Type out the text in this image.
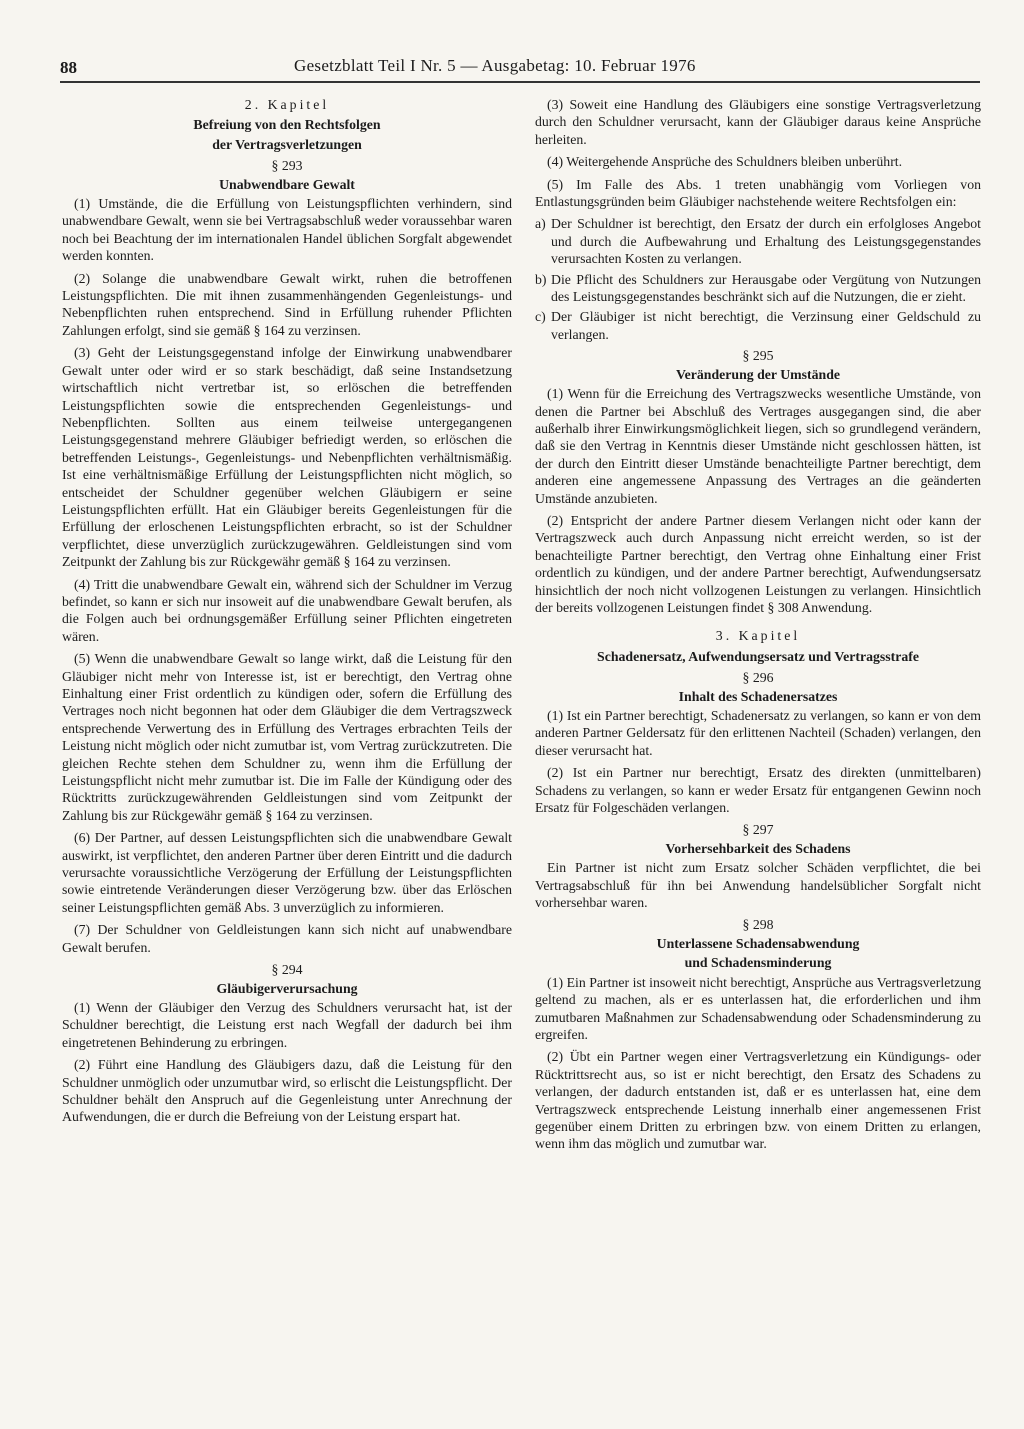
88	Gesetzblatt Teil I Nr. 5 — Ausgabetag: 10. Februar 1976

2. Kapitel

Befreiung von den Rechtsfolgen

der Vertragsverletzungen

§ 293

Unabwendbare Gewalt

(1) Umstände, die die Erfüllung von Leistungspflichten verhindern, sind unabwendbare Gewalt, wenn sie bei Vertragsabschluß weder voraussehbar waren noch bei Beachtung der im internationalen Handel üblichen Sorgfalt abgewendet werden konnten.

(2) Solange die unabwendbare Gewalt wirkt, ruhen die betroffenen Leistungspflichten. Die mit ihnen zusammenhängenden Gegenleistungs- und Nebenpflichten ruhen entsprechend. Sind in Erfüllung ruhender Pflichten Zahlungen erfolgt, sind sie gemäß § 164 zu verzinsen.

(3) Geht der Leistungsgegenstand infolge der Einwirkung unabwendbarer Gewalt unter oder wird er so stark beschädigt, daß seine Instandsetzung wirtschaftlich nicht vertretbar ist, so erlöschen die betreffenden Leistungspflichten sowie die entsprechenden Gegenleistungs- und Nebenpflichten. Sollten aus einem teilweise untergegangenen Leistungsgegenstand mehrere Gläubiger befriedigt werden, so erlöschen die betreffenden Leistungs-, Gegenleistungs- und Nebenpflichten verhältnismäßig. Ist eine verhältnismäßige Erfüllung der Leistungspflichten nicht möglich, so entscheidet der Schuldner gegenüber welchen Gläubigern er seine Leistungspflichten erfüllt. Hat ein Gläubiger bereits Gegenleistungen für die Erfüllung der erloschenen Leistungspflichten erbracht, so ist der Schuldner verpflichtet, diese unverzüglich zurückzugewähren. Geldleistungen sind vom Zeitpunkt der Zahlung bis zur Rückgewähr gemäß § 164 zu verzinsen.

(4) Tritt die unabwendbare Gewalt ein, während sich der Schuldner im Verzug befindet, so kann er sich nur insoweit auf die unabwendbare Gewalt berufen, als die Folgen auch bei ordnungsgemäßer Erfüllung seiner Pflichten eingetreten wären.

(5) Wenn die unabwendbare Gewalt so lange wirkt, daß die Leistung für den Gläubiger nicht mehr von Interesse ist, ist er berechtigt, den Vertrag ohne Einhaltung einer Frist ordentlich zu kündigen oder, sofern die Erfüllung des Vertrages noch nicht begonnen hat oder dem Gläubiger die dem Vertragszweck entsprechende Verwertung des in Erfüllung des Vertrages erbrachten Teils der Leistung nicht möglich oder nicht zumutbar ist, vom Vertrag zurückzutreten. Die gleichen Rechte stehen dem Schuldner zu, wenn ihm die Erfüllung der Leistungspflicht nicht mehr zumutbar ist. Die im Falle der Kündigung oder des Rücktritts zurückzugewährenden Geldleistungen sind vom Zeitpunkt der Zahlung bis zur Rückgewähr gemäß § 164 zu verzinsen.

(6) Der Partner, auf dessen Leistungspflichten sich die unabwendbare Gewalt auswirkt, ist verpflichtet, den anderen Partner über deren Eintritt und die dadurch verursachte voraussichtliche Verzögerung der Erfüllung der Leistungspflichten sowie eintretende Veränderungen dieser Verzögerung bzw. über das Erlöschen seiner Leistungspflichten gemäß Abs. 3 unverzüglich zu informieren.

(7) Der Schuldner von Geldleistungen kann sich nicht auf unabwendbare Gewalt berufen.

§ 294

Gläubigerverursachung

(1) Wenn der Gläubiger den Verzug des Schuldners verursacht hat, ist der Schuldner berechtigt, die Leistung erst nach Wegfall der dadurch bei ihm eingetretenen Behinderung zu erbringen.

(2) Führt eine Handlung des Gläubigers dazu, daß die Leistung für den Schuldner unmöglich oder unzumutbar wird, so erlischt die Leistungspflicht. Der Schuldner behält den Anspruch auf die Gegenleistung unter Anrechnung der Aufwendungen, die er durch die Befreiung von der Leistung erspart hat.

(3) Soweit eine Handlung des Gläubigers eine sonstige Vertragsverletzung durch den Schuldner verursacht, kann der Gläubiger daraus keine Ansprüche herleiten.

(4) Weitergehende Ansprüche des Schuldners bleiben unberührt.

(5) Im Falle des Abs. 1 treten unabhängig vom Vorliegen von Entlastungsgründen beim Gläubiger nachstehende weitere Rechtsfolgen ein:

a) Der Schuldner ist berechtigt, den Ersatz der durch ein erfolgloses Angebot und durch die Aufbewahrung und Erhaltung des Leistungsgegenstandes verursachten Kosten zu verlangen.
b) Die Pflicht des Schuldners zur Herausgabe oder Vergütung von Nutzungen des Leistungsgegenstandes beschränkt sich auf die Nutzungen, die er zieht.
c) Der Gläubiger ist nicht berechtigt, die Verzinsung einer Geldschuld zu verlangen.

§ 295

Veränderung der Umstände

(1) Wenn für die Erreichung des Vertragszwecks wesentliche Umstände, von denen die Partner bei Abschluß des Vertrages ausgegangen sind, die aber außerhalb ihrer Einwirkungsmöglichkeit liegen, sich so grundlegend verändern, daß sie den Vertrag in Kenntnis dieser Umstände nicht geschlossen hätten, ist der durch den Eintritt dieser Umstände benachteiligte Partner berechtigt, dem anderen eine angemessene Anpassung des Vertrages an die geänderten Umstände anzubieten.

(2) Entspricht der andere Partner diesem Verlangen nicht oder kann der Vertragszweck auch durch Anpassung nicht erreicht werden, so ist der benachteiligte Partner berechtigt, den Vertrag ohne Einhaltung einer Frist ordentlich zu kündigen, und der andere Partner berechtigt, Aufwendungsersatz hinsichtlich der noch nicht vollzogenen Leistungen zu verlangen. Hinsichtlich der bereits vollzogenen Leistungen findet § 308 Anwendung.

3. Kapitel

Schadenersatz, Aufwendungsersatz und Vertragsstrafe

§ 296

Inhalt des Schadenersatzes

(1) Ist ein Partner berechtigt, Schadenersatz zu verlangen, so kann er von dem anderen Partner Geldersatz für den erlittenen Nachteil (Schaden) verlangen, den dieser verursacht hat.

(2) Ist ein Partner nur berechtigt, Ersatz des direkten (unmittelbaren) Schadens zu verlangen, so kann er weder Ersatz für entgangenen Gewinn noch Ersatz für Folgeschäden verlangen.

§ 297

Vorhersehbarkeit des Schadens

Ein Partner ist nicht zum Ersatz solcher Schäden verpflichtet, die bei Vertragsabschluß für ihn bei Anwendung handelsüblicher Sorgfalt nicht vorhersehbar waren.

§ 298

Unterlassene Schadensabwendung

und Schadensminderung

(1) Ein Partner ist insoweit nicht berechtigt, Ansprüche aus Vertragsverletzung geltend zu machen, als er es unterlassen hat, die erforderlichen und ihm zumutbaren Maßnahmen zur Schadensabwendung oder Schadensminderung zu ergreifen.

(2) Übt ein Partner wegen einer Vertragsverletzung ein Kündigungs- oder Rücktrittsrecht aus, so ist er nicht berechtigt, den Ersatz des Schadens zu verlangen, der dadurch entstanden ist, daß er es unterlassen hat, eine dem Vertragszweck entsprechende Leistung innerhalb einer angemessenen Frist gegenüber einem Dritten zu erbringen bzw. von einem Dritten zu erlangen, wenn ihm das möglich und zumutbar war.
